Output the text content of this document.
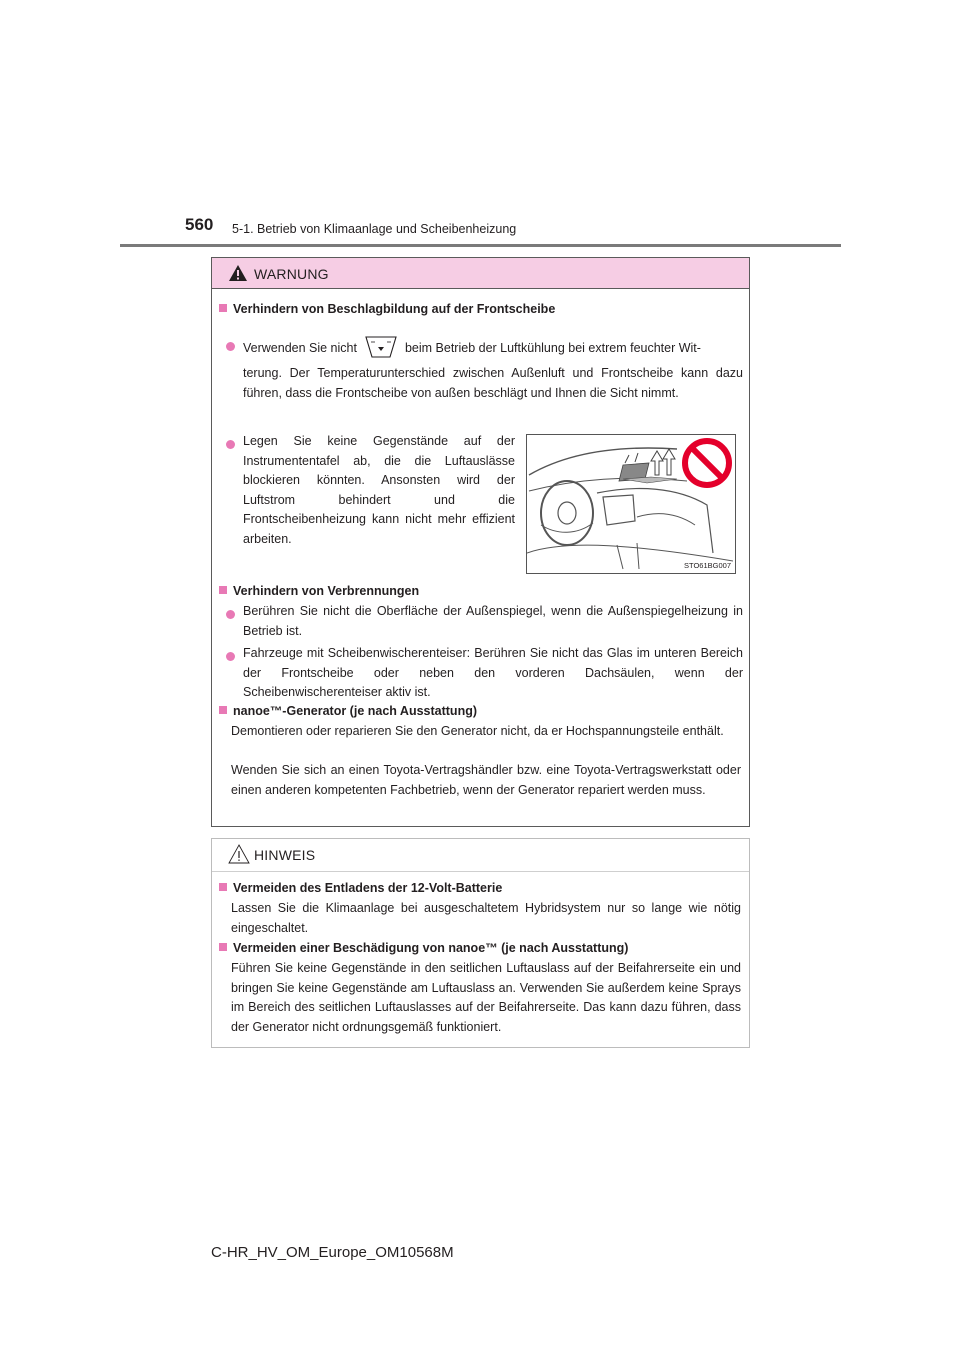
560 5-1. Betrieb von Klimaanlage und Scheibenheizung
WARNUNG
Verhindern von Beschlagbildung auf der Frontscheibe
Verwenden Sie nicht	beim Betrieb der Luftkühlung bei extrem feuchter Wit-
terung. Der Temperaturunterschied zwischen Außenluft und Frontscheibe kann dazu führen, dass die Frontscheibe von außen beschlägt und Ihnen die Sicht nimmt.
Legen Sie keine Gegenstände auf der Instrumententafel ab, die die Luftauslässe blockieren könnten. Ansonsten wird der Luftstrom behindert und die Frontscheibenheizung kann nicht mehr effizient arbeiten.
STO61BG007
Verhindern von Verbrennungen
Berühren Sie nicht die Oberfläche der Außenspiegel, wenn die Außenspiegelheizung in Betrieb ist.
Fahrzeuge mit Scheibenwischerenteiser: Berühren Sie nicht das Glas im unteren Bereich der Frontscheibe oder neben den vorderen Dachsäulen, wenn der Scheibenwischerenteiser aktiv ist.
nanoe™-Generator (je nach Ausstattung)
Demontieren oder reparieren Sie den Generator nicht, da er Hochspannungsteile enthält.
Wenden Sie sich an einen Toyota-Vertragshändler bzw. eine Toyota-Vertragswerkstatt oder einen anderen kompetenten Fachbetrieb, wenn der Generator repariert werden muss.
HINWEIS
Vermeiden des Entladens der 12-Volt-Batterie
Lassen Sie die Klimaanlage bei ausgeschaltetem Hybridsystem nur so lange wie nötig eingeschaltet.
Vermeiden einer Beschädigung von nanoe™ (je nach Ausstattung)
Führen Sie keine Gegenstände in den seitlichen Luftauslass auf der Beifahrerseite ein und bringen Sie keine Gegenstände am Luftauslass an. Verwenden Sie außerdem keine Sprays im Bereich des seitlichen Luftauslasses auf der Beifahrerseite. Das kann dazu führen, dass der Generator nicht ordnungsgemäß funktioniert.
C-HR_HV_OM_Europe_OM10568M
